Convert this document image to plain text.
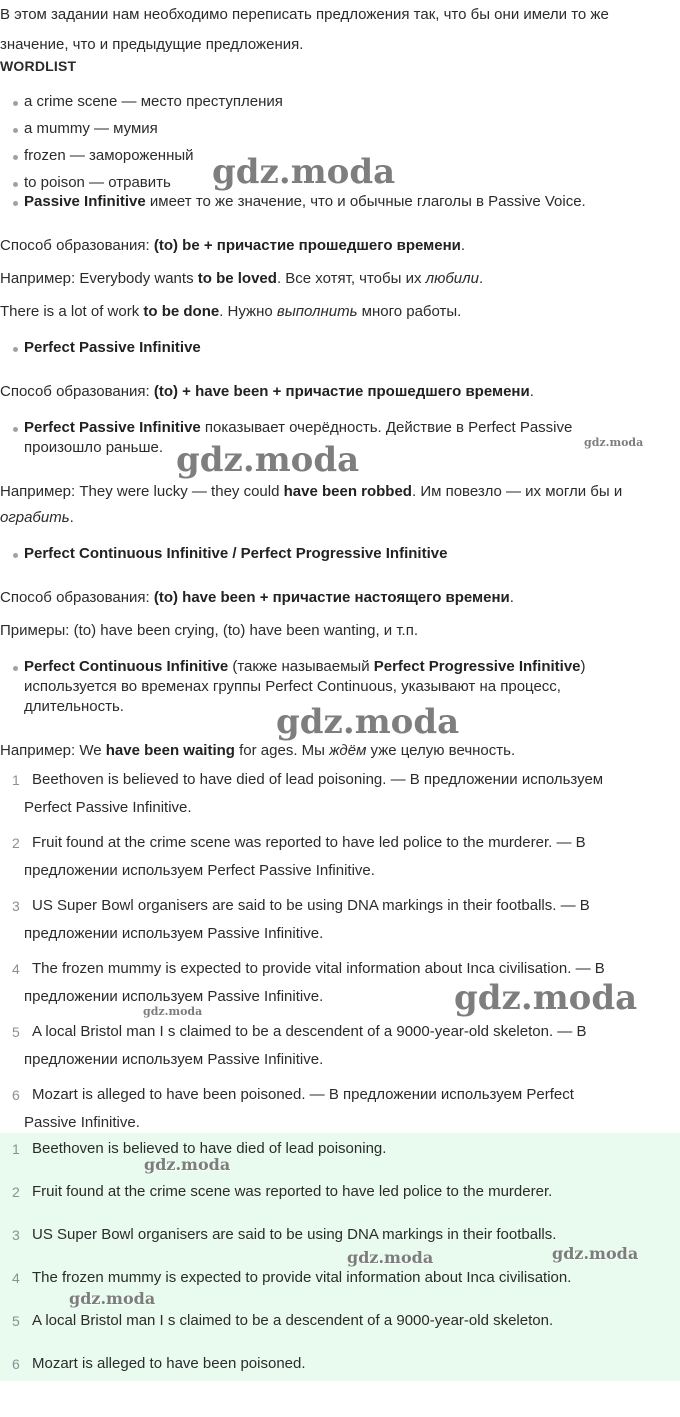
В этом задании нам необходимо переписать предложения так, что бы они имели то же
значение, что и предыдущие предложения.

WORDLIST
a crime scene — место преступления
a mummy — мумия
frozen — замороженный
to poison — отравить
Passive Infinitive имеет то же значение, что и обычные глаголы в Passive Voice.

Способ образования: (to) be + причастие прошедшего времени.

Например: Everybody wants to be loved. Все хотят, чтобы их любили.

There is a lot of work to be done. Нужно выполнить много работы.

Perfect Passive Infinitive

Способ образования: (to) + have been + причастие прошедшего времени.

Perfect Passive Infinitive показывает очерёдность. Действие в Perfect Passive
произошло раньше.

Например: They were lucky — they could have been robbed. Им повезло — их могли бы и
ограбить.

Perfect Continuous Infinitive / Perfect Progressive Infinitive

Способ образования: (to) have been + причастие настоящего времени.

Примеры: (to) have been crying, (to) have been wanting, и т.п.

Perfect Continuous Infinitive (также называемый Perfect Progressive Infinitive)
используется во временах группы Perfect Continuous, указывают на процесс,
длительность.

Например: We have been waiting for ages. Мы ждём уже целую вечность.

1 Beethoven is believed to have died of lead poisoning. — В предложении используем
Perfect Passive Infinitive.
2 Fruit found at the crime scene was reported to have led police to the murderer. — В
предложении используем Perfect Passive Infinitive.
3 US Super Bowl organisers are said to be using DNA markings in their footballs. — В
предложении используем Passive Infinitive.
4 The frozen mummy is expected to provide vital information about Inca civilisation. — В
предложении используем Passive Infinitive.
5 A local Bristol man I s claimed to be a descendent of a 9000-year-old skeleton. — В
предложении используем Passive Infinitive.
6 Mozart is alleged to have been poisoned. — В предложении используем Perfect
Passive Infinitive.
1 Beethoven is believed to have died of lead poisoning.
2 Fruit found at the crime scene was reported to have led police to the murderer.
3 US Super Bowl organisers are said to be using DNA markings in their footballs.
4 The frozen mummy is expected to provide vital information about Inca civilisation.
5 A local Bristol man I s claimed to be a descendent of a 9000-year-old skeleton.
6 Mozart is alleged to have been poisoned.
gdz.moda
gdz.moda
gdz.moda
gdz.moda
gdz.moda
gdz.moda
gdz.moda
gdz.moda	gdz.moda
gdz.moda
